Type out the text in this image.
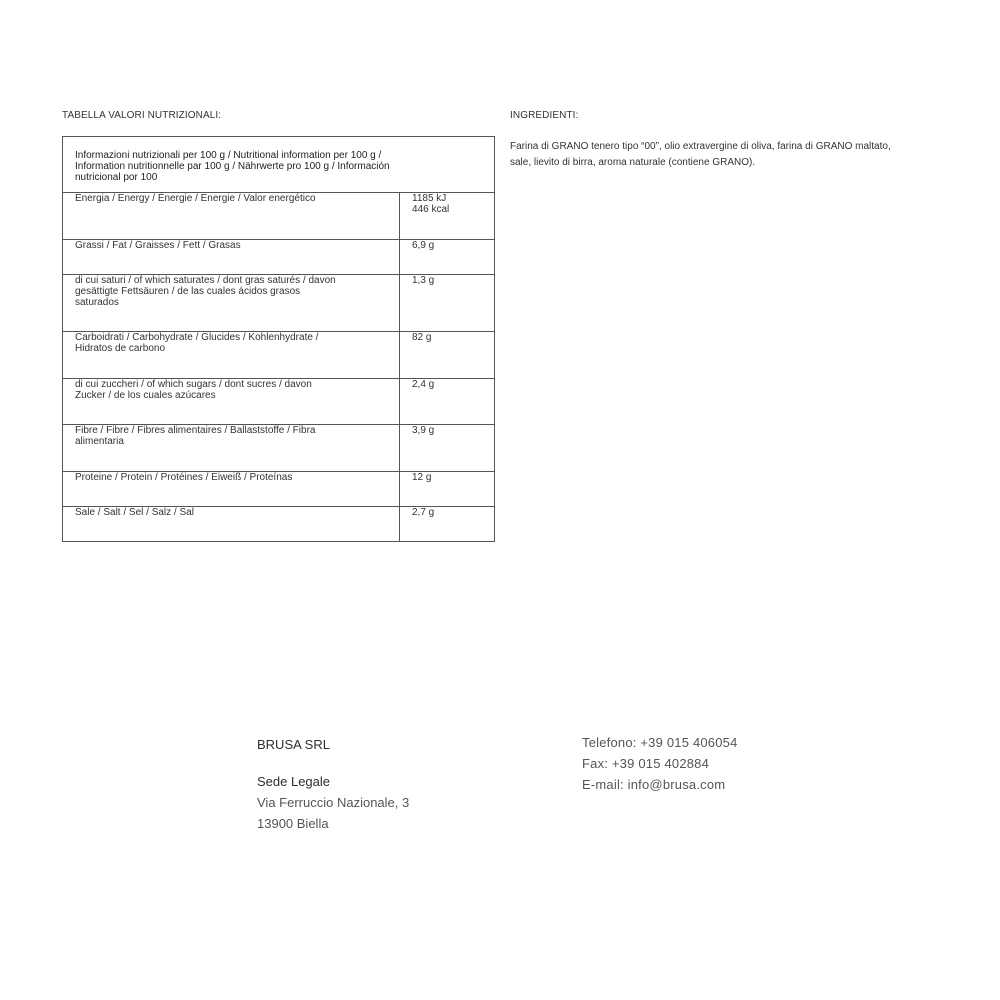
TABELLA VALORI NUTRIZIONALI:
Informazioni nutrizionali per 100 g / Nutritional information per 100 g /
Information nutritionnelle par 100 g / Nährwerte pro 100 g / Información
nutricional por 100	

Energia / Energy / Énergie / Energie / Valor energético	1185 kJ
446 kcal

Grassi / Fat / Graisses / Fett / Grasas	6,9 g

di cui saturi / of which saturates / dont gras saturés / davon
gesättigte Fettsäuren / de las cuales ácidos grasos
saturados	1,3 g

Carboidrati / Carbohydrate / Glucides / Kohlenhydrate /
Hidratos de carbono	82 g

di cui zuccheri / of which sugars / dont sucres / davon
Zucker / de los cuales azúcares	2,4 g

Fibre / Fibre / Fibres alimentaires / Ballaststoffe / Fibra
alimentaria	3,9 g

Proteine / Protein / Protéines / Eiweiß / Proteínas	12 g

Sale / Salt / Sel / Salz / Sal	2,7 g
INGREDIENTI:
Farina di GRANO tenero tipo “00”, olio extravergine di oliva, farina di GRANO maltato,
sale, lievito di birra, aroma naturale (contiene GRANO).
BRUSA SRL
Sede Legale
Via Ferruccio Nazionale, 3
13900 Biella
Telefono: +39 015 406054
Fax: +39 015 402884
E-mail: info@brusa.com
